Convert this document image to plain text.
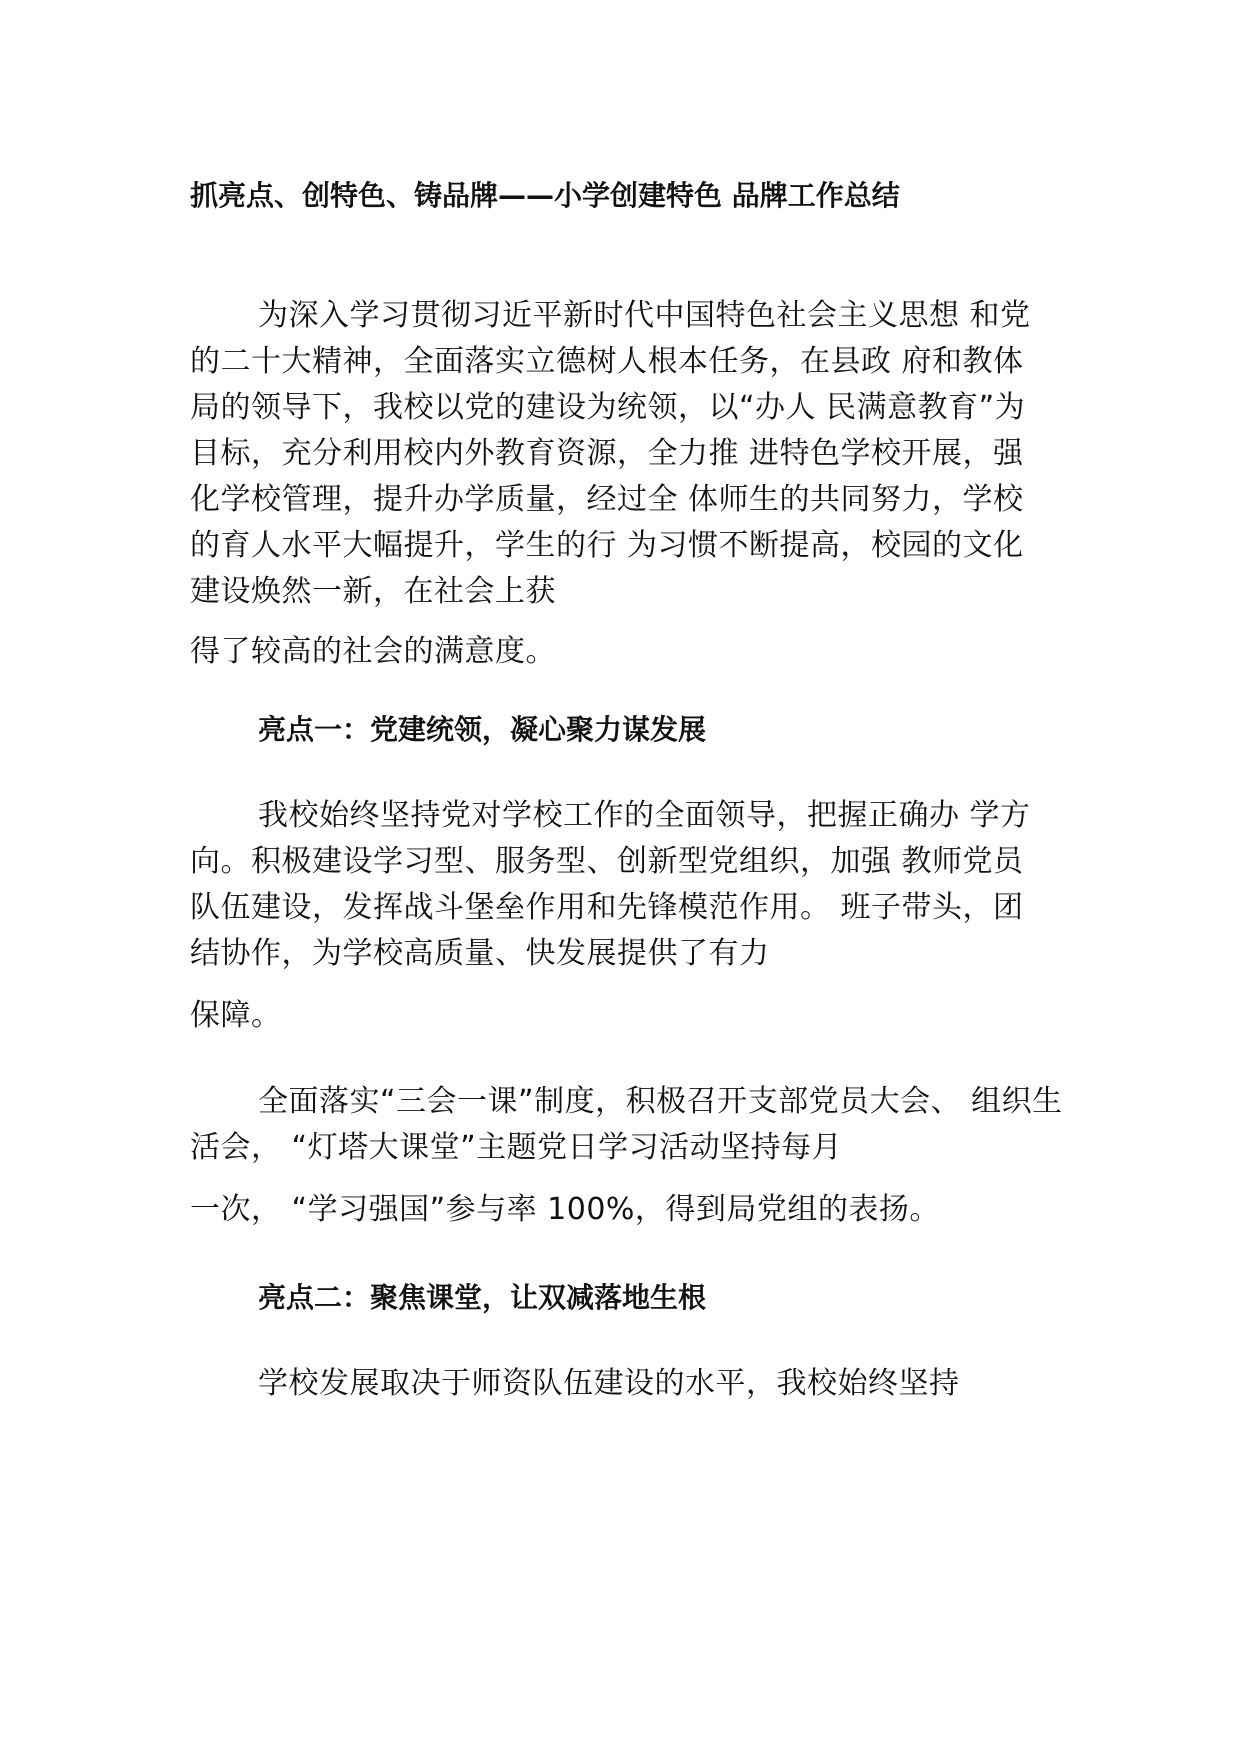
抓亮点、创特色、铸品牌——小学创建特色 品牌工作总结
为深入学习贯彻习近平新时代中国特色社会主义思想 和党
的二十大精神，全面落实立德树人根本任务，在县政 府和教体
局的领导下，我校以党的建设为统领，以“办人 民满意教育”为
目标，充分利用校内外教育资源，全力推 进特色学校开展，强
化学校管理，提升办学质量，经过全 体师生的共同努力，学校
的育人水平大幅提升，学生的行 为习惯不断提高，校园的文化
建设焕然一新，在社会上获
得了较高的社会的满意度。
亮点一：党建统领，凝心聚力谋发展
我校始终坚持党对学校工作的全面领导，把握正确办 学方
向。积极建设学习型、服务型、创新型党组织，加强 教师党员
队伍建设，发挥战斗堡垒作用和先锋模范作用。 班子带头，团
结协作，为学校高质量、快发展提供了有力
保障。
全面落实“三会一课”制度，积极召开支部党员大会、 组织生
活会， “灯塔大课堂”主题党日学习活动坚持每月
一次， “学习强国”参与率 100%，得到局党组的表扬。
亮点二：聚焦课堂，让双减落地生根
学校发展取决于师资队伍建设的水平，我校始终坚持
